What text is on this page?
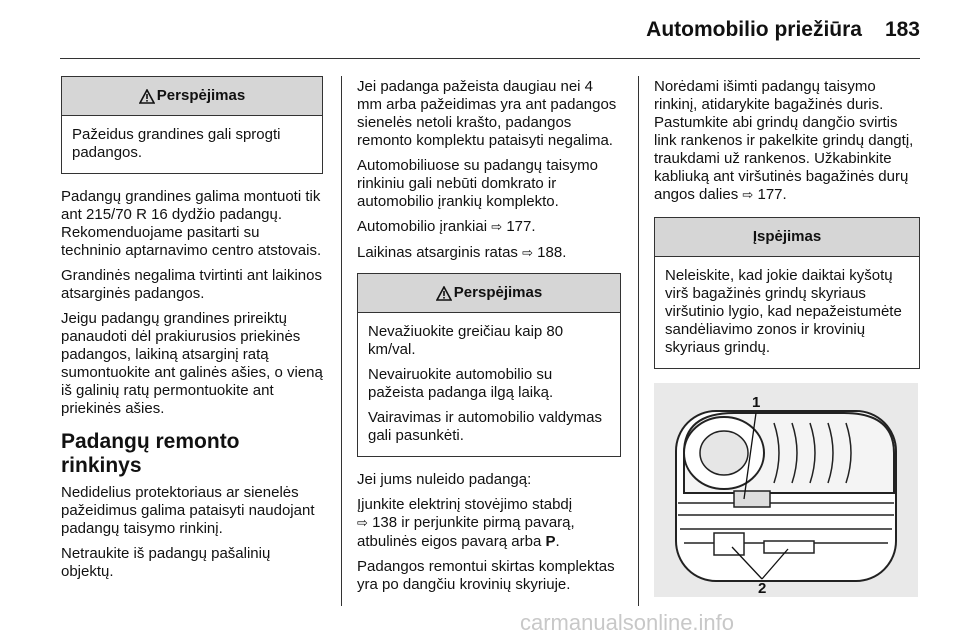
Automobilio priežiūra 183
Perspėjimas

Pažeidus grandines gali sprogti padangos.

Padangų grandines galima montuoti tik ant 215/70 R 16 dydžio padangų. Rekomenduojame pasitarti su techninio aptarnavimo centro atstovais.

Grandinės negalima tvirtinti ant laikinos atsarginės padangos.

Jeigu padangų grandines prireiktų panaudoti dėl prakiurusios priekinės padangos, laikiną atsarginį ratą sumontuokite ant galinės ašies, o vieną iš galinių ratų permontuokite ant priekinės ašies.

Padangų remonto rinkinys

Nedidelius protektoriaus ar sienelės pažeidimus galima pataisyti naudojant padangų taisymo rinkinį.

Netraukite iš padangų pašalinių objektų.

Jei padanga pažeista daugiau nei 4 mm arba pažeidimas yra ant padangos sienelės netoli krašto, padangos remonto komplektu pataisyti negalima.

Automobiliuose su padangų taisymo rinkiniu gali nebūti domkrato ir automobilio įrankių komplekto.

Automobilio įrankiai ⇨ 177.

Laikinas atsarginis ratas ⇨ 188.

Perspėjimas

Nevažiuokite greičiau kaip 80 km/val.

Nevairuokite automobilio su pažeista padanga ilgą laiką.

Vairavimas ir automobilio valdymas gali pasunkėti.

Jei jums nuleido padangą:

Įjunkite elektrinį stovėjimo stabdį
⇨ 138 ir perjunkite pirmą pavarą, atbulinės eigos pavarą arba P.

Padangos remontui skirtas komplektas yra po dangčiu krovinių skyriuje.

Norėdami išimti padangų taisymo rinkinį, atidarykite bagažinės duris. Pastumkite abi grindų dangčio svirtis link rankenos ir pakelkite grindų dangtį, traukdami už rankenos. Užkabinkite kabliuką ant viršutinės bagažinės durų angos dalies ⇨ 177.

Įspėjimas

Neleiskite, kad jokie daiktai kyšotų virš bagažinės grindų skyriaus viršutinio lygio, kad nepažeistumėte sandėliavimo zonos ir krovinių skyriaus grindų.

1
2
carmanualsonline.info
